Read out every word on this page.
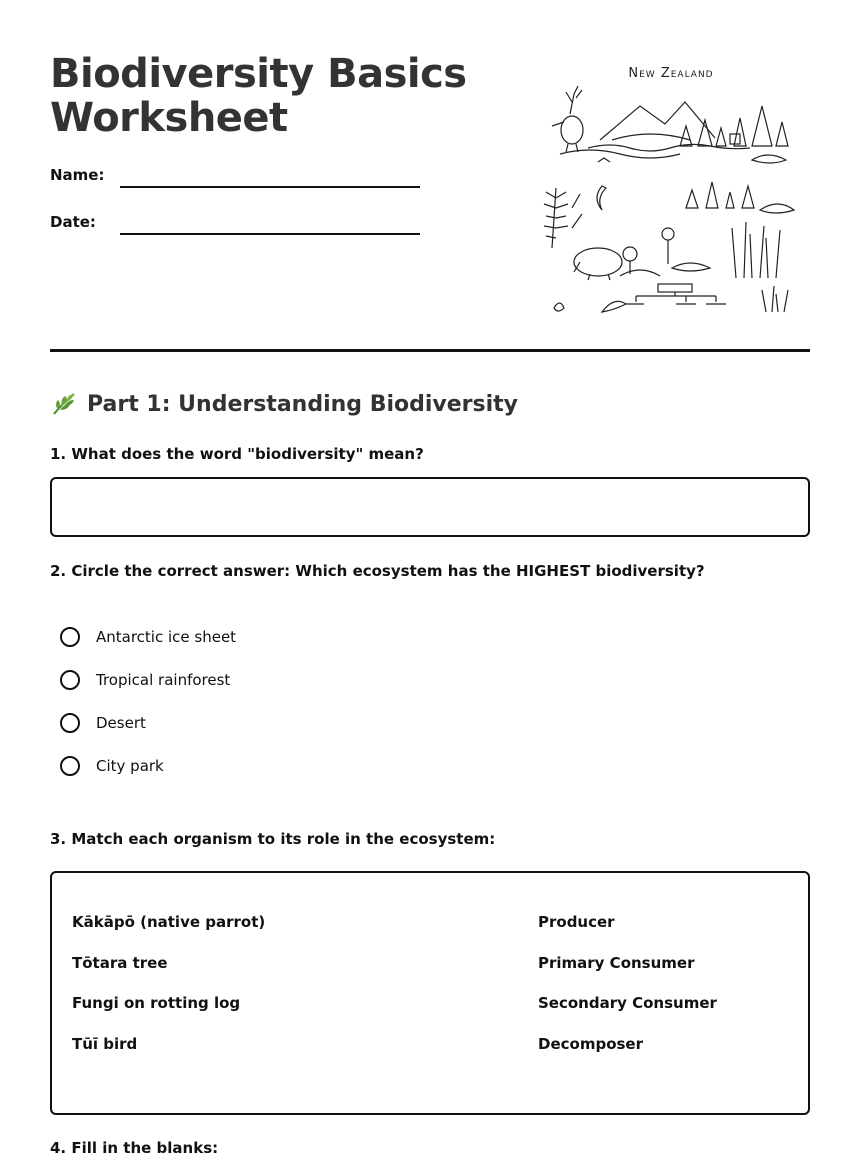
Biodiversity Basics
Worksheet
Name:
Date:
New Zealand
Part 1: Understanding Biodiversity
1. What does the word "biodiversity" mean?
2. Circle the correct answer: Which ecosystem has the HIGHEST biodiversity?
Antarctic ice sheet
Tropical rainforest
Desert
City park
3. Match each organism to its role in the ecosystem:
Kākāpō (native parrot)
Tōtara tree
Fungi on rotting log
Tūī bird
Producer
Primary Consumer
Secondary Consumer
Decomposer
4. Fill in the blanks:
